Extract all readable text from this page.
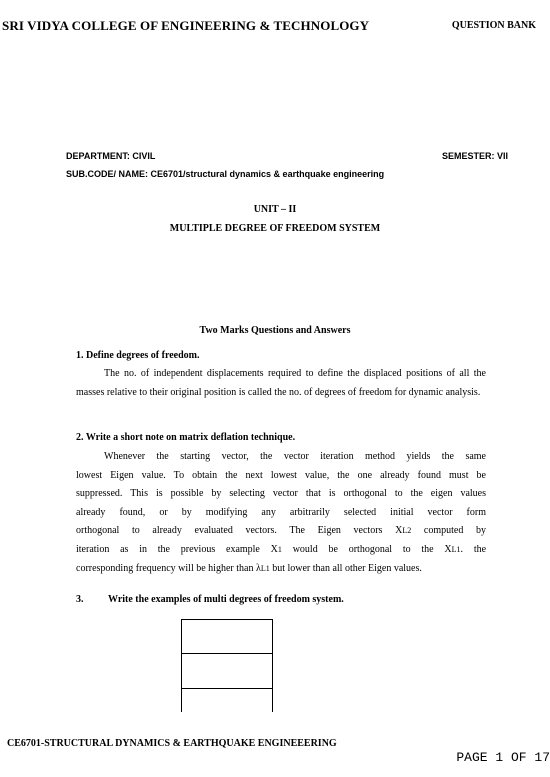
SRI VIDYA COLLEGE OF ENGINEERING & TECHNOLOGY	QUESTION BANK
DEPARTMENT: CIVIL	SEMESTER: VII
SUB.CODE/ NAME: CE6701/structural dynamics & earthquake engineering
UNIT – II
MULTIPLE DEGREE OF FREEDOM SYSTEM
Two Marks Questions and Answers
1. Define degrees of freedom.
The no. of independent displacements required to define the displaced positions of all the masses relative to their original position is called the no. of degrees of freedom for dynamic analysis.
2. Write a short note on matrix deflation technique.
Whenever the starting vector, the vector iteration method yields the same
lowest Eigen value. To obtain the next lowest value, the one already found must be
suppressed. This is possible by selecting vector that is orthogonal to the eigen values
already found, or by modifying any arbitrarily selected initial vector form
orthogonal to already evaluated vectors. The Eigen vectors XL2 computed by
iteration as in the previous example X1 would be orthogonal to the XL1. the
corresponding frequency will be higher than λL1 but lower than all other Eigen values.
3. Write the examples of multi degrees of freedom system.
CE6701-STRUCTURAL DYNAMICS & EARTHQUAKE ENGINEEERING
PAGE 1 OF 17
